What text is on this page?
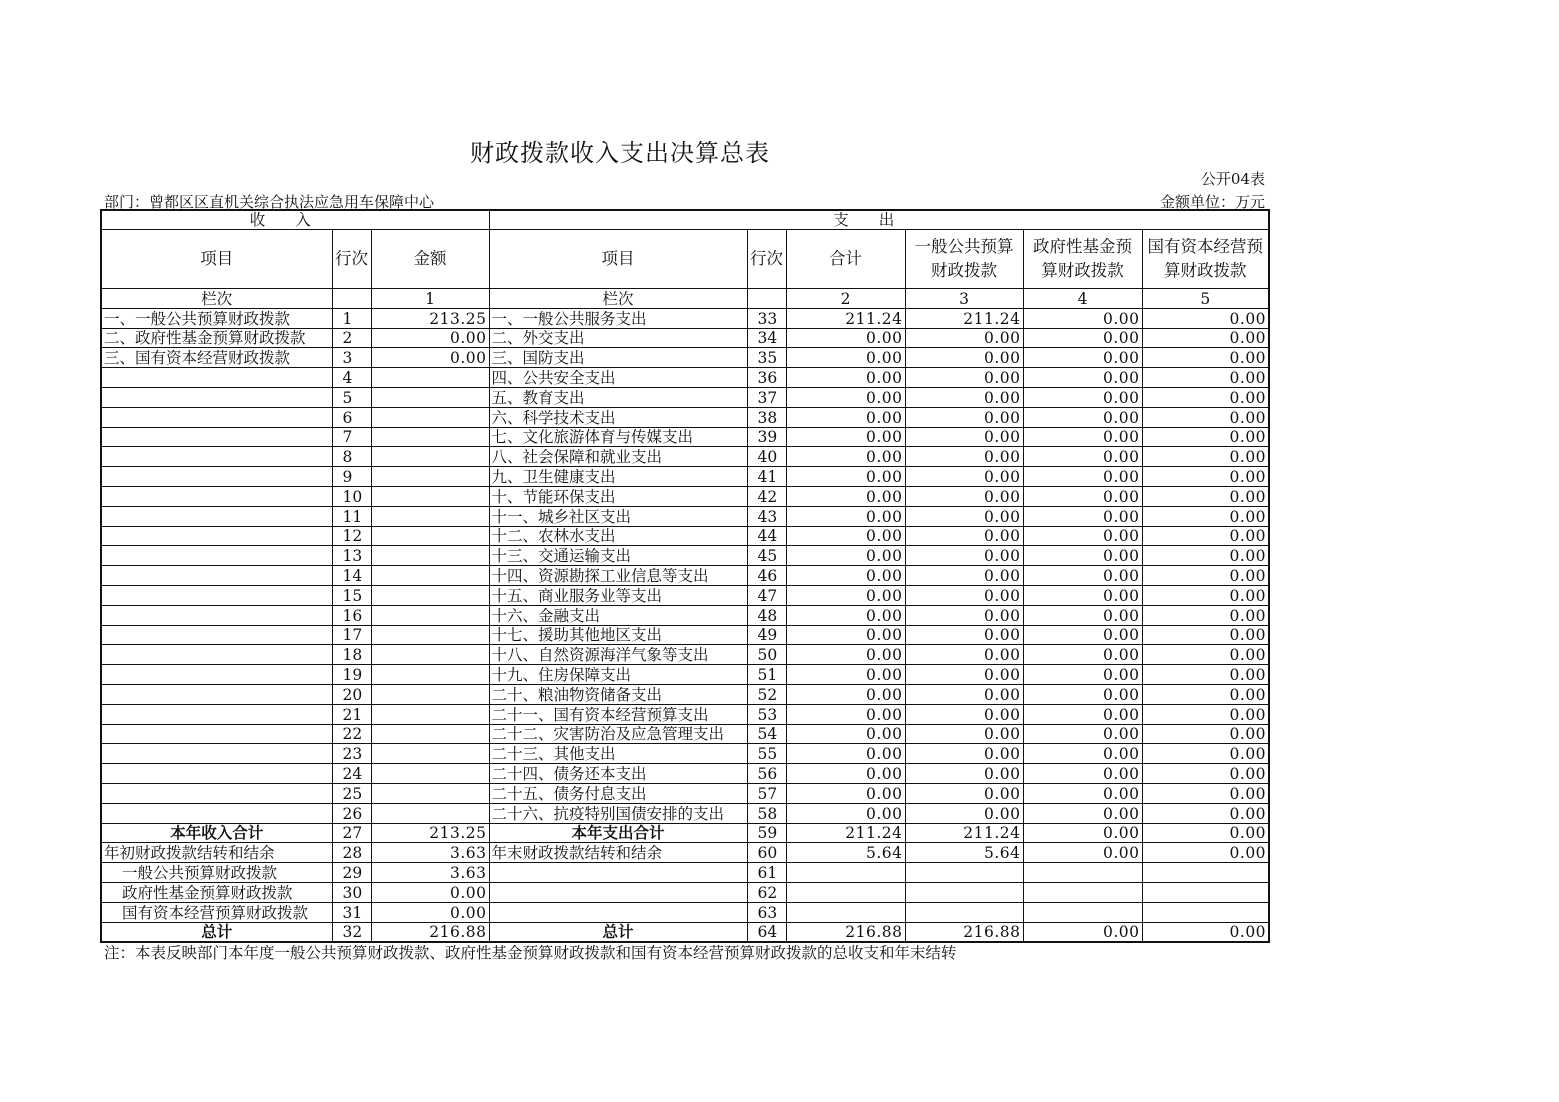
财政拨款收入支出决算总表
公开04表
部门：曾都区区直机关综合执法应急用车保障中心	金额单位：万元
收入			支出					
项目	行次	金额	项目	行次	合计	一般公共预算财政拨款	政府性基金预算财政拨款	国有资本经营预算财政拨款
栏次		1	栏次		2	3	4	5
一、一般公共预算财政拨款	1	213.25	一、一般公共服务支出	33	211.24	211.24	0.00	0.00
二、政府性基金预算财政拨款	2	0.00	二、外交支出	34	0.00	0.00	0.00	0.00
三、国有资本经营财政拨款	3	0.00	三、国防支出	35	0.00	0.00	0.00	0.00
	4		四、公共安全支出	36	0.00	0.00	0.00	0.00
	5		五、教育支出	37	0.00	0.00	0.00	0.00
	6		六、科学技术支出	38	0.00	0.00	0.00	0.00
	7		七、文化旅游体育与传媒支出	39	0.00	0.00	0.00	0.00
	8		八、社会保障和就业支出	40	0.00	0.00	0.00	0.00
	9		九、卫生健康支出	41	0.00	0.00	0.00	0.00
	10		十、节能环保支出	42	0.00	0.00	0.00	0.00
	11		十一、城乡社区支出	43	0.00	0.00	0.00	0.00
	12		十二、农林水支出	44	0.00	0.00	0.00	0.00
	13		十三、交通运输支出	45	0.00	0.00	0.00	0.00
	14		十四、资源勘探工业信息等支出	46	0.00	0.00	0.00	0.00
	15		十五、商业服务业等支出	47	0.00	0.00	0.00	0.00
	16		十六、金融支出	48	0.00	0.00	0.00	0.00
	17		十七、援助其他地区支出	49	0.00	0.00	0.00	0.00
	18		十八、自然资源海洋气象等支出	50	0.00	0.00	0.00	0.00
	19		十九、住房保障支出	51	0.00	0.00	0.00	0.00
	20		二十、粮油物资储备支出	52	0.00	0.00	0.00	0.00
	21		二十一、国有资本经营预算支出	53	0.00	0.00	0.00	0.00
	22		二十二、灾害防治及应急管理支出	54	0.00	0.00	0.00	0.00
	23		二十三、其他支出	55	0.00	0.00	0.00	0.00
	24		二十四、债务还本支出	56	0.00	0.00	0.00	0.00
	25		二十五、债务付息支出	57	0.00	0.00	0.00	0.00
	26		二十六、抗疫特别国债安排的支出	58	0.00	0.00	0.00	0.00
本年收入合计	27	213.25	本年支出合计	59	211.24	211.24	0.00	0.00
年初财政拨款结转和结余	28	3.63	年末财政拨款结转和结余	60	5.64	5.64	0.00	0.00
一般公共预算财政拨款	29	3.63		61				
政府性基金预算财政拨款	30	0.00		62				
国有资本经营预算财政拨款	31	0.00		63				
总计	32	216.88	总计	64	216.88	216.88	0.00	0.00
注：本表反映部门本年度一般公共预算财政拨款、政府性基金预算财政拨款和国有资本经营预算财政拨款的总收支和年末结转
